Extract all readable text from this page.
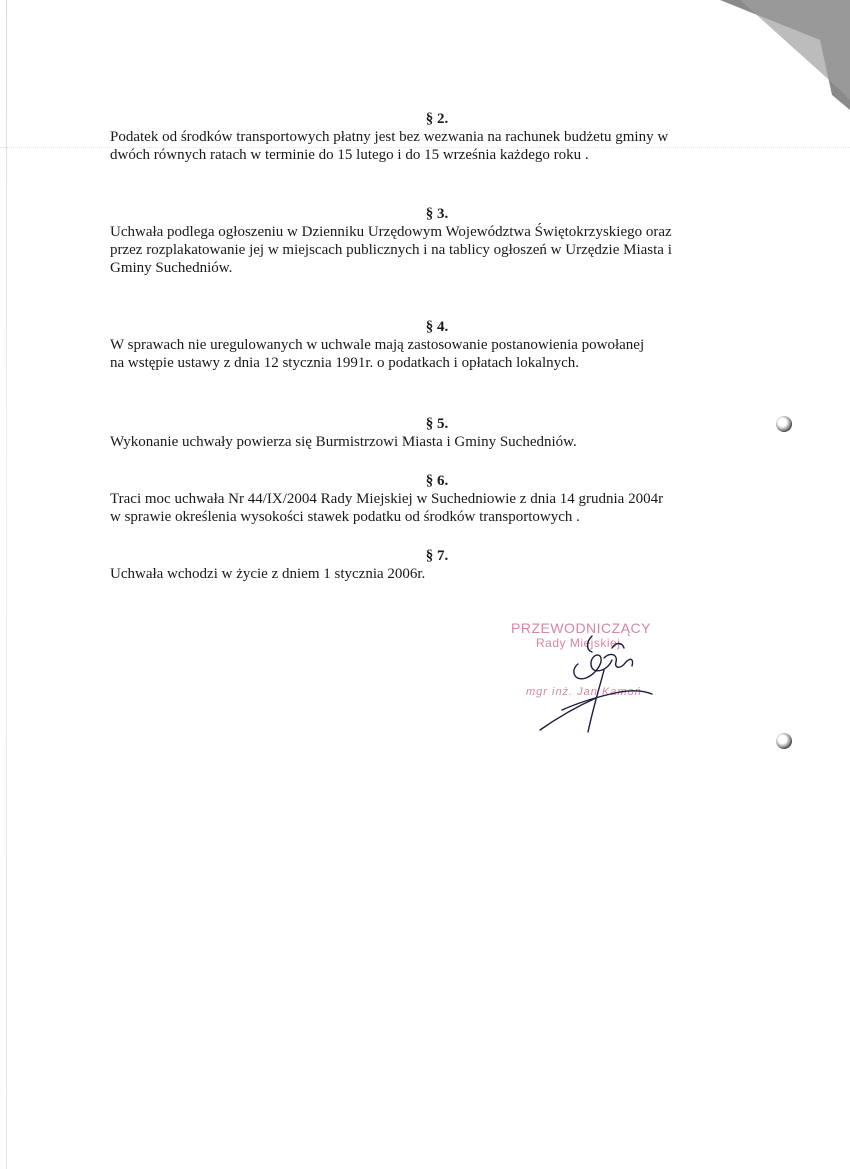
§ 2.

Podatek od środków transportowych płatny jest bez wezwania na rachunek budżetu gminy w
dwóch równych ratach w terminie do 15 lutego i do 15 września każdego roku .

§ 3.

Uchwała podlega ogłoszeniu w Dzienniku Urzędowym Województwa Świętokrzyskiego oraz
przez rozplakatowanie jej w miejscach publicznych i na tablicy ogłoszeń w Urzędzie Miasta i
Gminy Suchedniów.

§ 4.

W sprawach nie uregulowanych w uchwale mają zastosowanie postanowienia powołanej
na wstępie ustawy z dnia 12 stycznia 1991r. o podatkach i opłatach lokalnych.

§ 5.

Wykonanie uchwały powierza się Burmistrzowi Miasta i Gminy Suchedniów.

§ 6.

Traci moc uchwała Nr 44/IX/2004 Rady Miejskiej w Suchedniowie z dnia 14 grudnia 2004r
w sprawie określenia wysokości stawek podatku od środków transportowych .

§ 7.

Uchwała wchodzi w życie z dniem 1 stycznia 2006r.

PRZEWODNICZĄCY
Rady Miejskiej
mgr inż. Jan Kamoń
